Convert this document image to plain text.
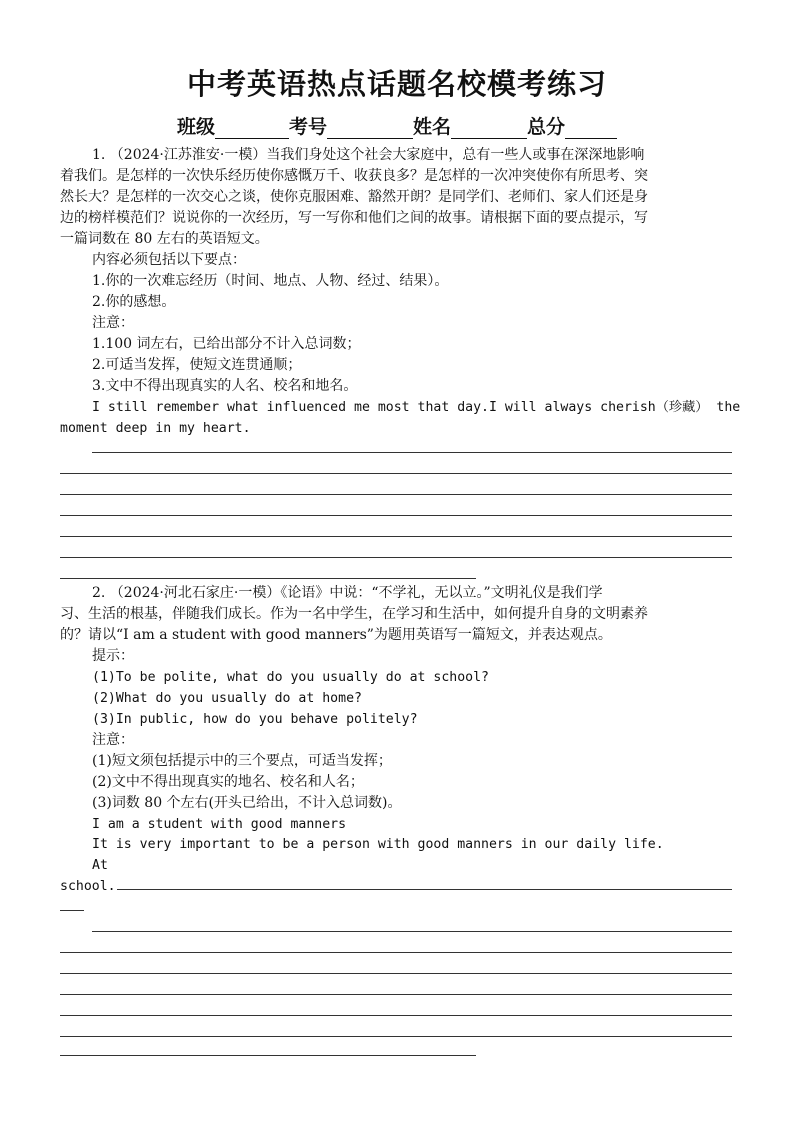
中考英语热点话题名校模考练习
班级	考号	姓名	总分
1. （2024·江苏淮安·一模）当我们身处这个社会大家庭中，总有一些人或事在深深地影响
着我们。是怎样的一次快乐经历使你感慨万千、收获良多？是怎样的一次冲突使你有所思考、突
然长大？是怎样的一次交心之谈，使你克服困难、豁然开朗？是同学们、老师们、家人们还是身
边的榜样模范们？说说你的一次经历，写一写你和他们之间的故事。请根据下面的要点提示，写
一篇词数在 80 左右的英语短文。
内容必须包括以下要点：
1.你的一次难忘经历（时间、地点、人物、经过、结果）。
2.你的感想。
注意：
1.100 词左右，已给出部分不计入总词数；
2.可适当发挥，使短文连贯通顺；
3.文中不得出现真实的人名、校名和地名。
I still remember what influenced me most that day.I will always cherish（珍藏） the
moment deep in my heart.
2. （2024·河北石家庄·一模）《论语》中说：“不学礼，无以立。”文明礼仪是我们学
习、生活的根基，伴随我们成长。作为一名中学生，在学习和生活中，如何提升自身的文明素养
的？请以“I am a student with good manners”为题用英语写一篇短文，并表达观点。
提示：
(1)To be polite, what do you usually do at school?
(2)What do you usually do at home?
(3)In public, how do you behave politely?
注意：
(1)短文须包括提示中的三个要点，可适当发挥；
(2)文中不得出现真实的地名、校名和人名；
(3)词数 80 个左右(开头已给出，不计入总词数)。
I am a student with good manners
It is very important to be a person with good manners in our daily life.
At
school.
